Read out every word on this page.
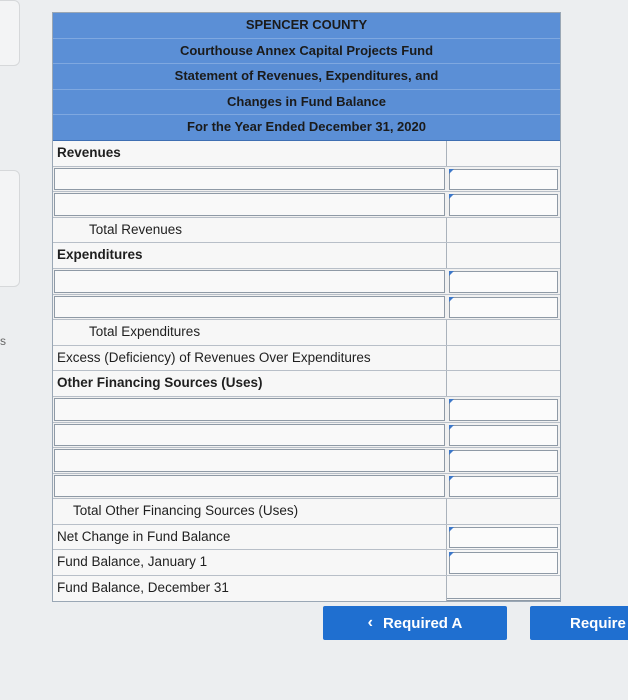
s
SPENCER COUNTY
Courthouse Annex Capital Projects Fund
Statement of Revenues, Expenditures, and
Changes in Fund Balance
For the Year Ended December 31, 2020
Revenues
Total Revenues
Expenditures
Total Expenditures
Excess (Deficiency) of Revenues Over Expenditures
Other Financing Sources (Uses)
Total Other Financing Sources (Uses)
Net Change in Fund Balance
Fund Balance, January 1
Fund Balance, December 31
‹ Required A	Require
